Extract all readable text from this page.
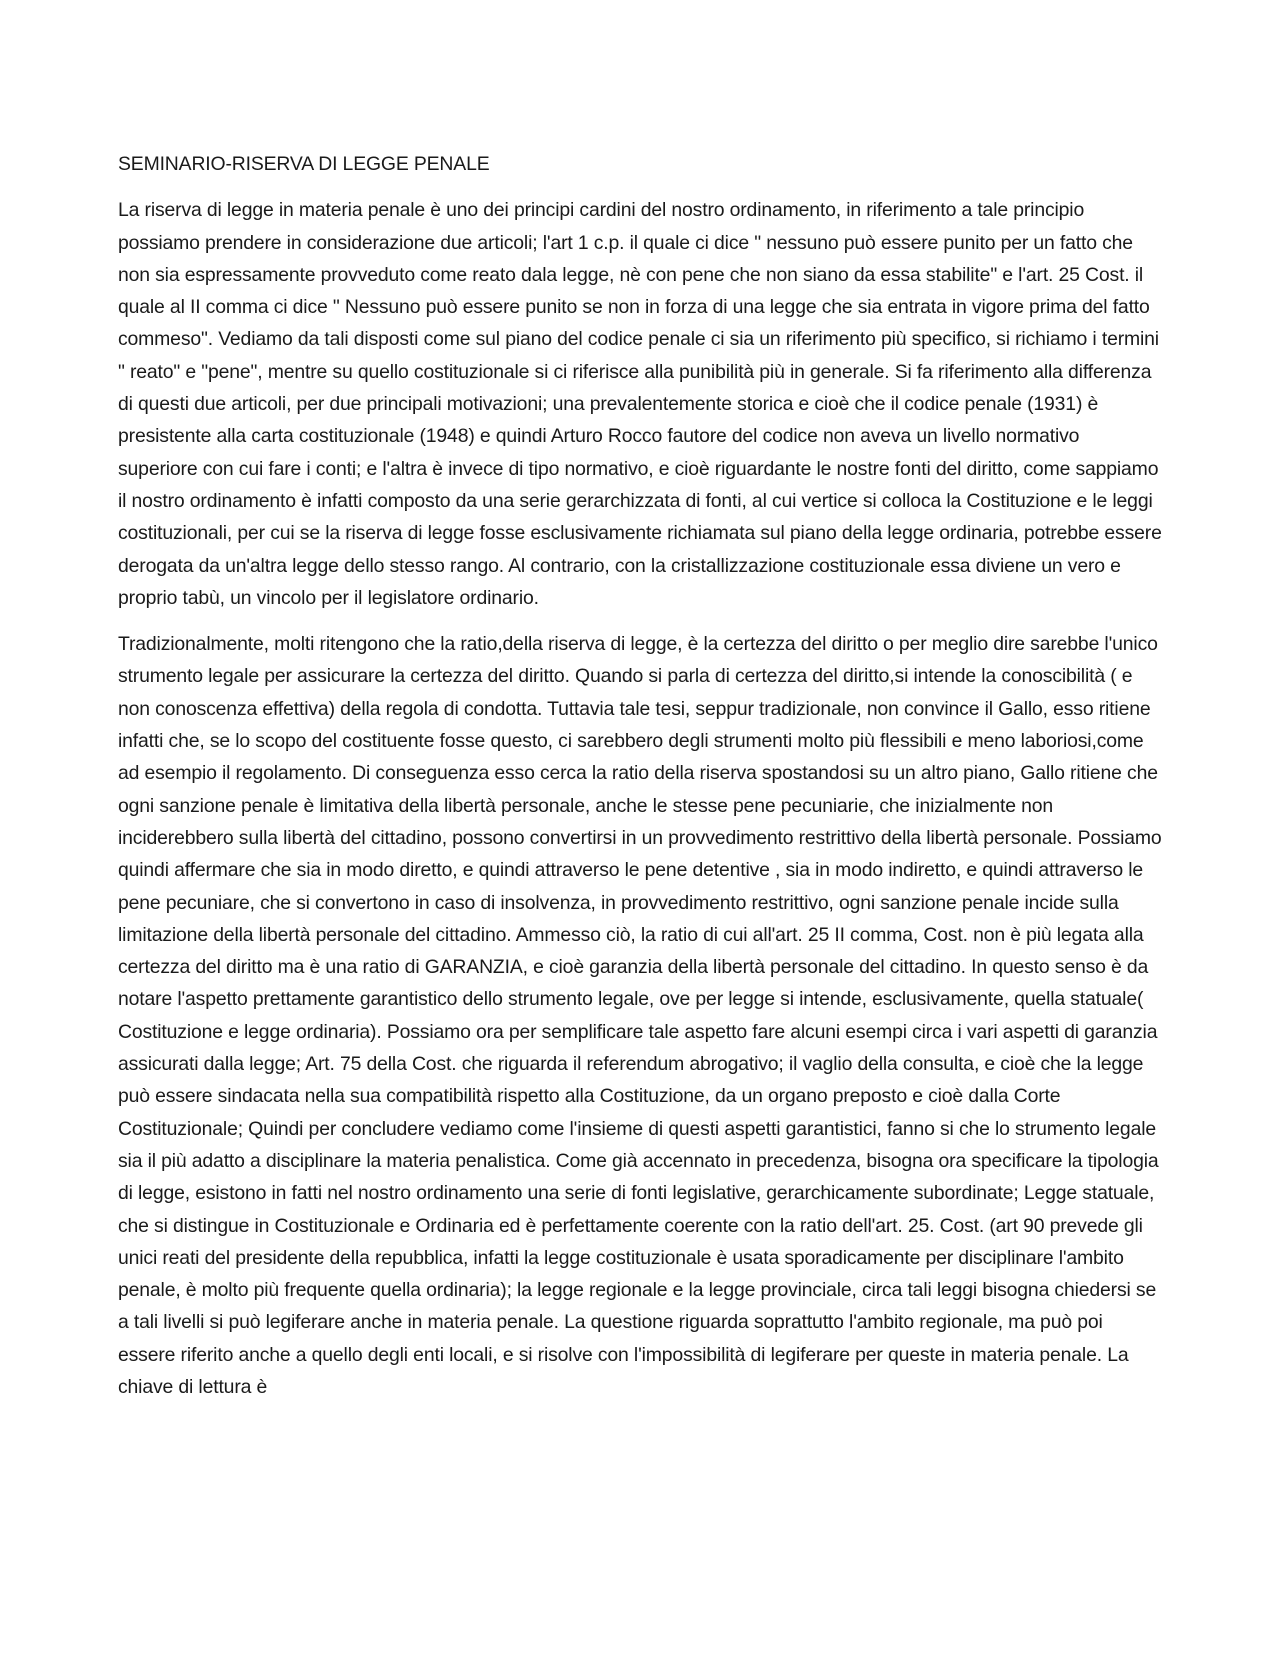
SEMINARIO-RISERVA DI LEGGE PENALE

La riserva di legge in materia penale è uno dei principi cardini del nostro ordinamento, in riferimento a tale principio possiamo prendere in considerazione due articoli; l'art 1 c.p. il quale ci dice " nessuno può essere punito per un fatto che non sia espressamente provveduto come reato dala legge, nè con pene che non siano da essa stabilite" e l'art. 25 Cost. il quale al II comma ci dice " Nessuno può essere punito se non in forza di una legge che sia entrata in vigore prima del fatto commeso". Vediamo da tali disposti come sul piano del codice penale ci sia un riferimento più specifico, si richiamo i termini " reato" e "pene", mentre su quello costituzionale si ci riferisce alla punibilità più in generale. Si fa riferimento alla differenza di questi due articoli, per due principali motivazioni; una prevalentemente storica e cioè che il codice penale (1931) è presistente alla carta costituzionale (1948) e quindi Arturo Rocco fautore del codice non aveva un livello normativo superiore con cui fare i conti; e l'altra è invece di tipo normativo, e cioè riguardante le nostre fonti del diritto, come sappiamo il nostro ordinamento è infatti composto da una serie gerarchizzata di fonti, al cui vertice si colloca la Costituzione e le leggi costituzionali, per cui se la riserva di legge fosse esclusivamente richiamata sul piano della legge ordinaria, potrebbe essere derogata da un'altra legge dello stesso rango. Al contrario, con la cristallizzazione costituzionale essa diviene un vero e proprio tabù, un vincolo per il legislatore ordinario.

Tradizionalmente, molti ritengono che la ratio,della riserva di legge, è la certezza del diritto o per meglio dire sarebbe l'unico strumento legale per assicurare la certezza del diritto. Quando si parla di certezza del diritto,si intende la conoscibilità ( e non conoscenza effettiva) della regola di condotta. Tuttavia tale tesi, seppur tradizionale, non convince il Gallo, esso ritiene infatti che, se lo scopo del costituente fosse questo, ci sarebbero degli strumenti molto più flessibili e meno laboriosi,come ad esempio il regolamento. Di conseguenza esso cerca la ratio della riserva spostandosi su un altro piano, Gallo ritiene che ogni sanzione penale è limitativa della libertà personale, anche le stesse pene pecuniarie, che inizialmente non inciderebbero sulla libertà del cittadino, possono convertirsi in un provvedimento restrittivo della libertà personale. Possiamo quindi affermare che sia in modo diretto, e quindi attraverso le pene detentive , sia in modo indiretto, e quindi attraverso le pene pecuniare, che si convertono in caso di insolvenza, in provvedimento restrittivo, ogni sanzione penale incide sulla limitazione della libertà personale del cittadino. Ammesso ciò, la ratio di cui all'art. 25 II comma, Cost. non è più legata alla certezza del diritto ma è una ratio di GARANZIA, e cioè garanzia della libertà personale del cittadino. In questo senso è da notare l'aspetto prettamente garantistico dello strumento legale, ove per legge si intende, esclusivamente, quella statuale( Costituzione e legge ordinaria). Possiamo ora per semplificare tale aspetto fare alcuni esempi circa i vari aspetti di garanzia assicurati dalla legge; Art. 75 della Cost. che riguarda il referendum abrogativo; il vaglio della consulta, e cioè che la legge può essere sindacata nella sua compatibilità rispetto alla Costituzione, da un organo preposto e cioè dalla Corte Costituzionale; Quindi per concludere vediamo come l'insieme di questi aspetti garantistici, fanno si che lo strumento legale sia il più adatto a disciplinare la materia penalistica. Come già accennato in precedenza, bisogna ora specificare la tipologia di legge, esistono in fatti nel nostro ordinamento una serie di fonti legislative, gerarchicamente subordinate; Legge statuale, che si distingue in Costituzionale e Ordinaria ed è perfettamente coerente con la ratio dell'art. 25. Cost. (art 90 prevede gli unici reati del presidente della repubblica, infatti la legge costituzionale è usata sporadicamente per disciplinare l'ambito penale, è molto più frequente quella ordinaria); la legge regionale e la legge provinciale, circa tali leggi bisogna chiedersi se a tali livelli si può legiferare anche in materia penale. La questione riguarda soprattutto l'ambito regionale, ma può poi essere riferito anche a quello degli enti locali, e si risolve con l'impossibilità di legiferare per queste in materia penale. La chiave di lettura è
